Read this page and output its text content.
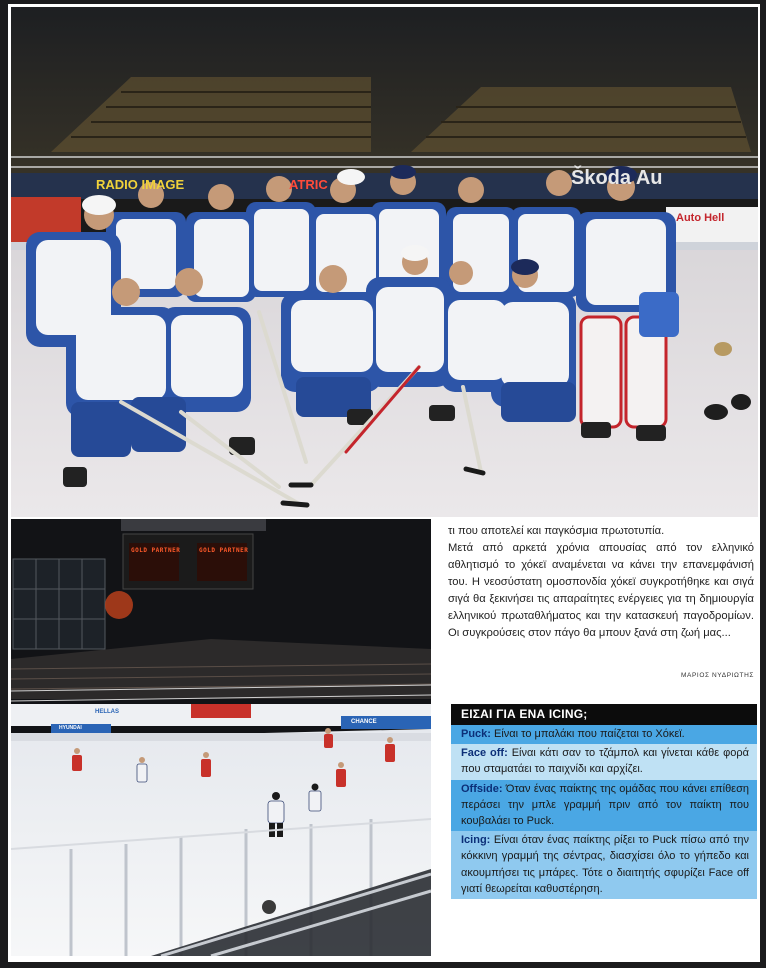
RADIO IMAGE	ATRIC	Škoda Au
Auto Hell
GOLD PARTNER	GOLD PARTNER
HELLAS
CHANCE
HYUNDAI

τι που αποτελεί και παγκόσμια πρωτοτυπία.

Μετά από αρκετά χρόνια απουσίας από τον ελληνικό αθλητισμό το χόκεϊ αναμένεται να κάνει την επανεμφάνισή του. Η νεοσύστατη ομοσπονδία χόκεϊ συγκροτήθηκε και σιγά σιγά θα ξεκινήσει τις απαραίτητες ενέργειες για τη δημιουργία ελληνικού πρωταθλήματος και την κατασκευή παγοδρομίων. Οι συγκρούσεις στον πάγο θα μπουν ξανά στη ζωή μας...

ΜΑΡΙΟΣ ΝΥΔΡΙΩΤΗΣ
ΕΙΣΑΙ ΓΙΑ ΕΝΑ ICING;
Puck: Είναι το μπαλάκι που παίζεται το Χόκεϊ.
Face off: Είναι κάτι σαν το τζάμπολ και γίνεται κάθε φορά που σταματάει το παιχνίδι και αρχίζει.
Offside: Όταν ένας παίκτης της ομάδας που κάνει επίθεση περάσει την μπλε γραμμή πριν από τον παίκτη που κουβαλάει το Puck.
Icing: Είναι όταν ένας παίκτης ρίξει το Puck πίσω από την κόκκινη γραμμή της σέντρας, διασχίσει όλο το γήπεδο και ακουμπήσει τις μπάρες. Τότε ο διαιτητής σφυρίζει Face off γιατί θεωρείται καθυστέρηση.
